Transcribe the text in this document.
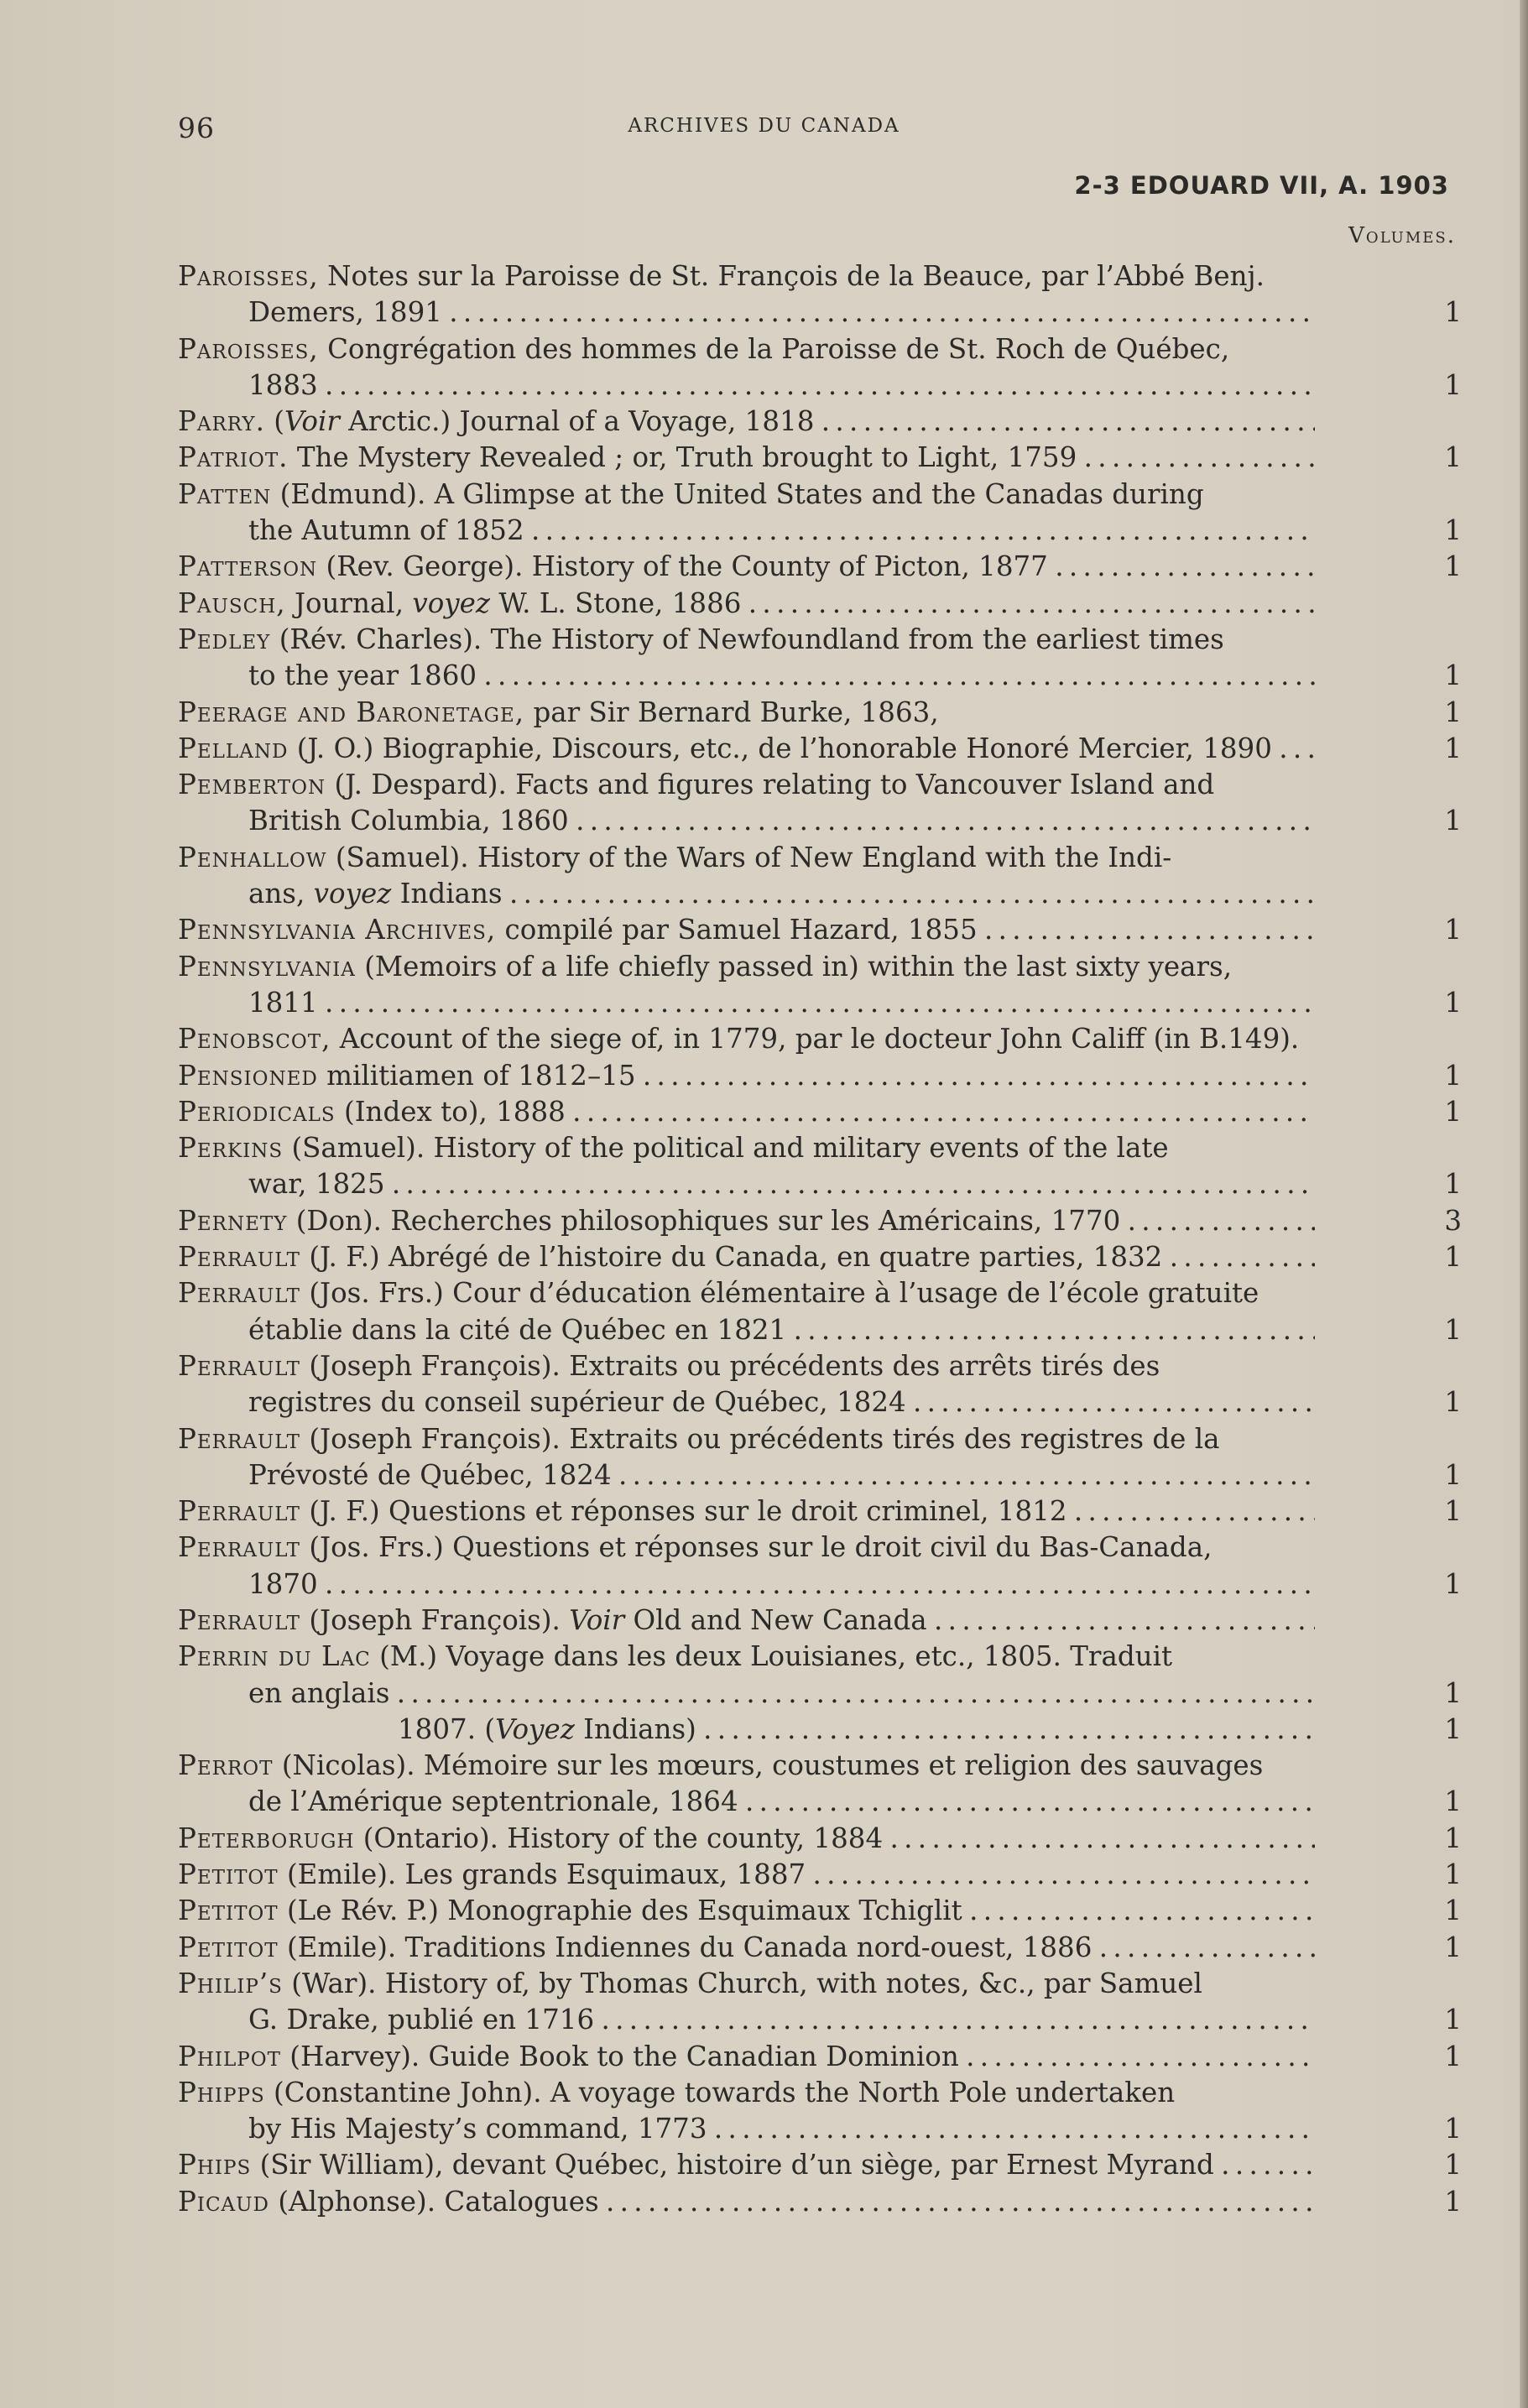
96	ARCHIVES DU CANADA
2-3 EDOUARD VII, A. 1903
Volumes.
Paroisses, Notes sur la Paroisse de St. François de la Beauce, par l’Abbé Benj.
Demers, 1891 . . .	1
Paroisses, Congrégation des hommes de la Paroisse de St. Roch de Québec,
1883 . . .	1
Parry. (Voir Arctic.) Journal of a Voyage, 1818 . . .
Patriot. The Mystery Revealed ; or, Truth brought to Light, 1759 . . .	1
Patten (Edmund). A Glimpse at the United States and the Canadas during
the Autumn of 1852 . . .	1
Patterson (Rev. George). History of the County of Picton, 1877 . . .	1
Pausch, Journal, voyez W. L. Stone, 1886 . . .
Pedley (Rév. Charles). The History of Newfoundland from the earliest times
to the year 1860 . . .	1
Peerage and Baronetage, par Sir Bernard Burke, 1863,	1
Pelland (J. O.) Biographie, Discours, etc., de l’honorable Honoré Mercier, 1890 . . .	1
Pemberton (J. Despard). Facts and figures relating to Vancouver Island and
British Columbia, 1860 . . .	1
Penhallow (Samuel). History of the Wars of New England with the Indi-
ans, voyez Indians . . .
Pennsylvania Archives, compilé par Samuel Hazard, 1855 . . .	1
Pennsylvania (Memoirs of a life chiefly passed in) within the last sixty years,
1811 . . .	1
Penobscot, Account of the siege of, in 1779, par le docteur John Califf (in B.149).
Pensioned militiamen of 1812–15 . . .	1
Periodicals (Index to), 1888 . . .	1
Perkins (Samuel). History of the political and military events of the late
war, 1825 . . .	1
Pernety (Don). Recherches philosophiques sur les Américains, 1770 . . .	3
Perrault (J. F.) Abrégé de l’histoire du Canada, en quatre parties, 1832 . . .	1
Perrault (Jos. Frs.) Cour d’éducation élémentaire à l’usage de l’école gratuite
établie dans la cité de Québec en 1821 . . .	1
Perrault (Joseph François). Extraits ou précédents des arrêts tirés des
registres du conseil supérieur de Québec, 1824 . . .	1
Perrault (Joseph François). Extraits ou précédents tirés des registres de la
Prévosté de Québec, 1824 . . .	1
Perrault (J. F.) Questions et réponses sur le droit criminel, 1812 . . .	1
Perrault (Jos. Frs.) Questions et réponses sur le droit civil du Bas-Canada,
1870 . . .	1
Perrault (Joseph François). Voir Old and New Canada . . .
Perrin du Lac (M.) Voyage dans les deux Louisianes, etc., 1805. Traduit
en anglais . . .	1
1807. (Voyez Indians) . . .	1
Perrot (Nicolas). Mémoire sur les mœurs, coustumes et religion des sauvages
de l’Amérique septentrionale, 1864 . . .	1
Peterborugh (Ontario). History of the county, 1884 . . .	1
Petitot (Emile). Les grands Esquimaux, 1887 . . .	1
Petitot (Le Rév. P.) Monographie des Esquimaux Tchiglit . . .	1
Petitot (Emile). Traditions Indiennes du Canada nord-ouest, 1886 . . .	1
Philip’s (War). History of, by Thomas Church, with notes, &c., par Samuel
G. Drake, publié en 1716 . . .	1
Philpot (Harvey). Guide Book to the Canadian Dominion . . .	1
Phipps (Constantine John). A voyage towards the North Pole undertaken
by His Majesty’s command, 1773 . . .	1
Phips (Sir William), devant Québec, histoire d’un siège, par Ernest Myrand . . .	1
Picaud (Alphonse). Catalogues . . .	1
